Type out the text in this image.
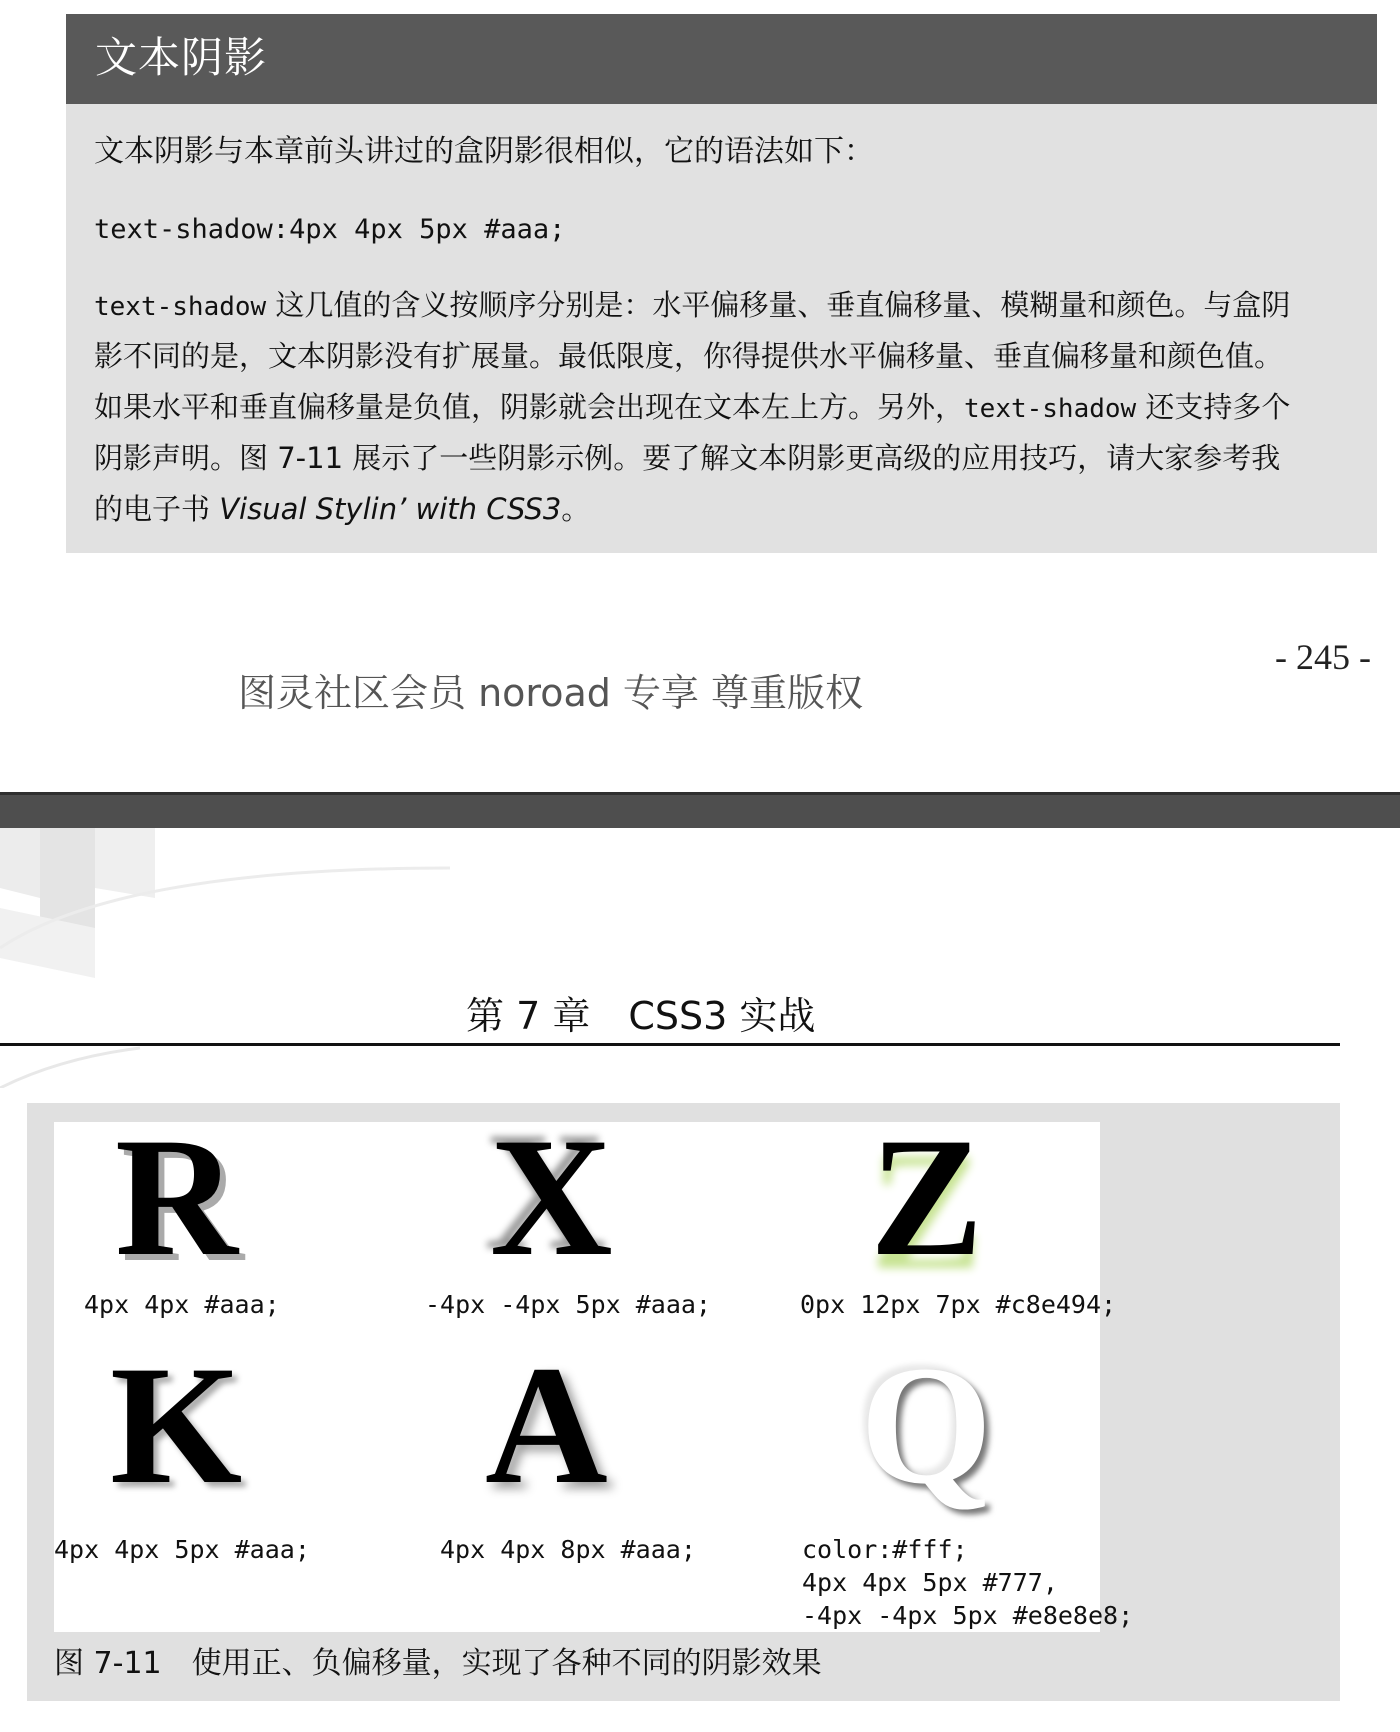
文本阴影
文本阴影与本章前头讲过的盒阴影很相似，它的语法如下：
text-shadow:4px 4px 5px #aaa;
text-shadow 这几值的含义按顺序分别是：水平偏移量、垂直偏移量、模糊量和颜色。与盒阴
影不同的是，文本阴影没有扩展量。最低限度，你得提供水平偏移量、垂直偏移量和颜色值。
如果水平和垂直偏移量是负值，阴影就会出现在文本左上方。另外，text-shadow 还支持多个
阴影声明。图 7-11 展示了一些阴影示例。要了解文本阴影更高级的应用技巧，请大家参考我
的电子书 Visual Stylin’ with CSS3。
- 245 -
图灵社区会员 noroad 专享 尊重版权
第 7 章　CSS3 实战
R X Z
K A Q
4px 4px #aaa;	-4px -4px 5px #aaa;	0px 12px 7px #c8e494;
4px 4px 5px #aaa;	4px 4px 8px #aaa;	color:#fff;
4px 4px 5px #777,
-4px -4px 5px #e8e8e8;
图 7-11　使用正、负偏移量，实现了各种不同的阴影效果
